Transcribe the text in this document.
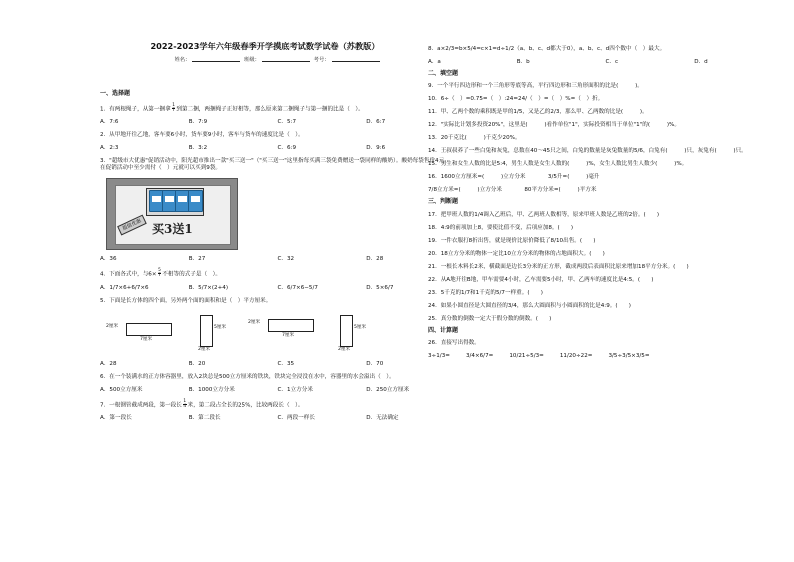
2022-2023学年六年级春季开学摸底考试数学试卷（苏教版）
姓名：	班级：	考号：
一、选择题
1．有两根绳子，从第一捆拿 $\frac{1}{7}$ 到第二捆，两捆绳子正好相等，那么原来第二捆绳子与第一捆的比是（　）。
A．7:6	B．7:9	C．5:7	D．6:7
2．从甲地开往乙地，客车要6小时，货车要9小时，客车与货车的速度比是（　）。
A．2:3	B．3:2	C．6:9	D．9:6
3．"超级市大优惠"促销活动中，阳光超市推出一款"买三送一"（"买三送一"这里指每买满三袋免费赠送一袋同样的酸奶）。酸奶每袋售价4元，在促销活动中至少需付（　）元就可以买到9袋。
超值优惠 买3送1
A．36	B．27	C．32	D．28
4．下面各式中，与$6\times \frac{5}{7}$ 不相等的式子是（　）。
A．1/7×6+6/7×6	B．5/7×(2+4)	C．6/7×6−5/7	D．5×6/7
5．下面是长方体的四个面，另外两个面的面积和是（　）平方厘米。
2厘米
7厘米
5厘米
2厘米
2厘米
7厘米
5厘米
2厘米
A．28	B．20	C．35	D．70
6．在一个装满水的正方体容器里，放入2块总是500立方厘米的铁块，铁块完全浸没在水中，容器里的水会溢出（　）。
A．500立方厘米	B．1000立方分米	C．1立方分米	D．250立方厘米
7．一根钢管截成两段，第一段长 $\frac{1}{4}$ 米，第二段占全长的25%，比较两段长（　）。
A．第一段长	B．第二段长	C．两段一样长	D．无法确定
8．a×2/3=b×5/4=c×1=d÷1/2（a、b、c、d都大于0），a、b、c、d四个数中（　）最大。
A．a	B．b	C．c	D．d
二、填空题
9．一个平行四边形和一个三角形等底等高，平行四边形和三角形面积的比是(　　　)。
10．6÷（　）=0.75=（　）:24=24/（　）=（　）%=（　）折。
11．甲、乙两个数的乘积既是甲的1/5，又是乙的2/3，那么甲、乙两数的比是(　　　)。
12．"实际比计划多投资20%"，这里是(　　　)看作单位"1"，实际投资相当于单位"1"的(　　　)%。
13．20千克比(　　　)千克少20%。
14．王叔叔养了一些白兔和灰兔，总数在40～45只之间，白兔的数量是灰兔数量的5/6，白兔有(　　　)只，灰兔有(　　　)只。
15．男生和女生人数的比是5:4，男生人数是女生人数的(　　　)%，女生人数比男生人数少(　　　)%。
16．1600立方厘米=(　　　)立方分米　　　　3/5升=(　　　)毫升
7/8立方米=(　　　)立方分米　　　　80平方分米=(　　　)平方米
三、判断题
17．把甲班人数的1/4调入乙班后，甲、乙两班人数相等，原来甲班人数是乙班的2倍。(　　)
18．4:9的前项加上8，要使比值不变，后项应加8。(　　)
19．一件衣服打8折出售，就是现价比原价降低了8/10出售。(　　)
20．18立方分米的物体一定比10立方分米的物体的占地面积大。(　　)
21．一根长木料长2米，横截面是边长3分米的正方形，截成两段后表面积比原来增加18平方分米。(　　)
22．从A地开往B地，甲车需要4小时，乙车需要5小时，甲、乙两车的速度比是4:5。(　　)
23．5千克的1/7和1千克的5/7一样重。(　　)
24．如果小圆直径是大圆直径的3/4，那么大圆面积与小圆面积的比是4:9。(　　)
25．真分数的倒数一定大于假分数的倒数。(　　)
四、计算题
26．直接写出得数。
3÷1/3=	3/4×6/7=	10/21÷5/3=	11/20÷22=	3/5÷3/5×3/5=
